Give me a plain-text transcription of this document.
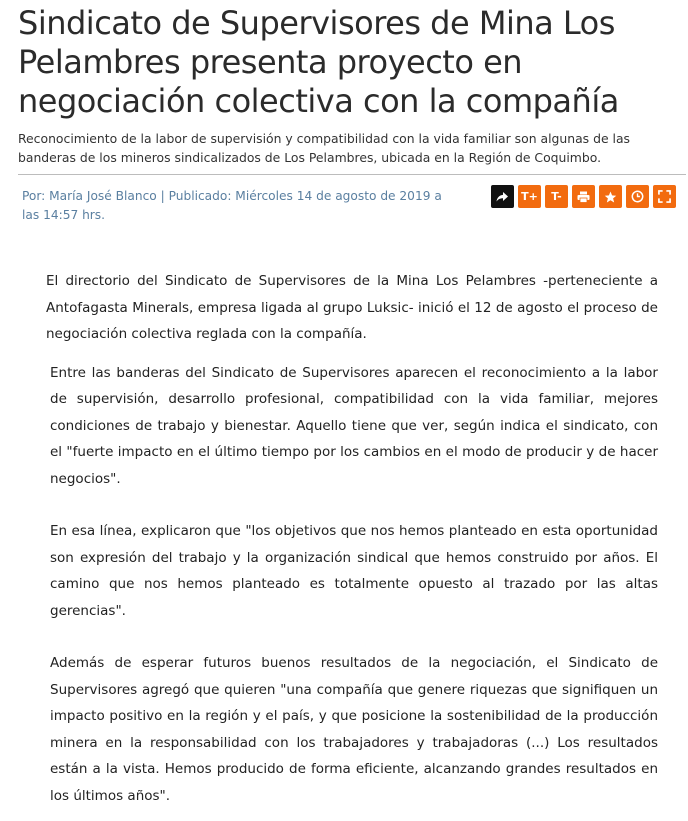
Sindicato de Supervisores de Mina Los Pelambres presenta proyecto en negociación colectiva con la compañía

Reconocimiento de la labor de supervisión y compatibilidad con la vida familiar son algunas de las banderas de los mineros sindicalizados de Los Pelambres, ubicada en la Región de Coquimbo.

Por: María José Blanco | Publicado: Miércoles 14 de agosto de 2019 a las 14:57 hrs.
T+ T-

El directorio del Sindicato de Supervisores de la Mina Los Pelambres -perteneciente a Antofagasta Minerals, empresa ligada al grupo Luksic- inició el 12 de agosto el proceso de negociación colectiva reglada con la compañía.

Entre las banderas del Sindicato de Supervisores aparecen el reconocimiento a la labor de supervisión, desarrollo profesional, compatibilidad con la vida familiar, mejores condiciones de trabajo y bienestar. Aquello tiene que ver, según indica el sindicato, con el "fuerte impacto en el último tiempo por los cambios en el modo de producir y de hacer negocios".

En esa línea, explicaron que "los objetivos que nos hemos planteado en esta oportunidad son expresión del trabajo y la organización sindical que hemos construido por años. El camino que nos hemos planteado es totalmente opuesto al trazado por las altas gerencias".

Además de esperar futuros buenos resultados de la negociación, el Sindicato de Supervisores agregó que quieren "una compañía que genere riquezas que signifiquen un impacto positivo en la región y el país, y que posicione la sostenibilidad de la producción minera en la responsabilidad con los trabajadores y trabajadoras (...) Los resultados están a la vista. Hemos producido de forma eficiente, alcanzando grandes resultados en los últimos años".
